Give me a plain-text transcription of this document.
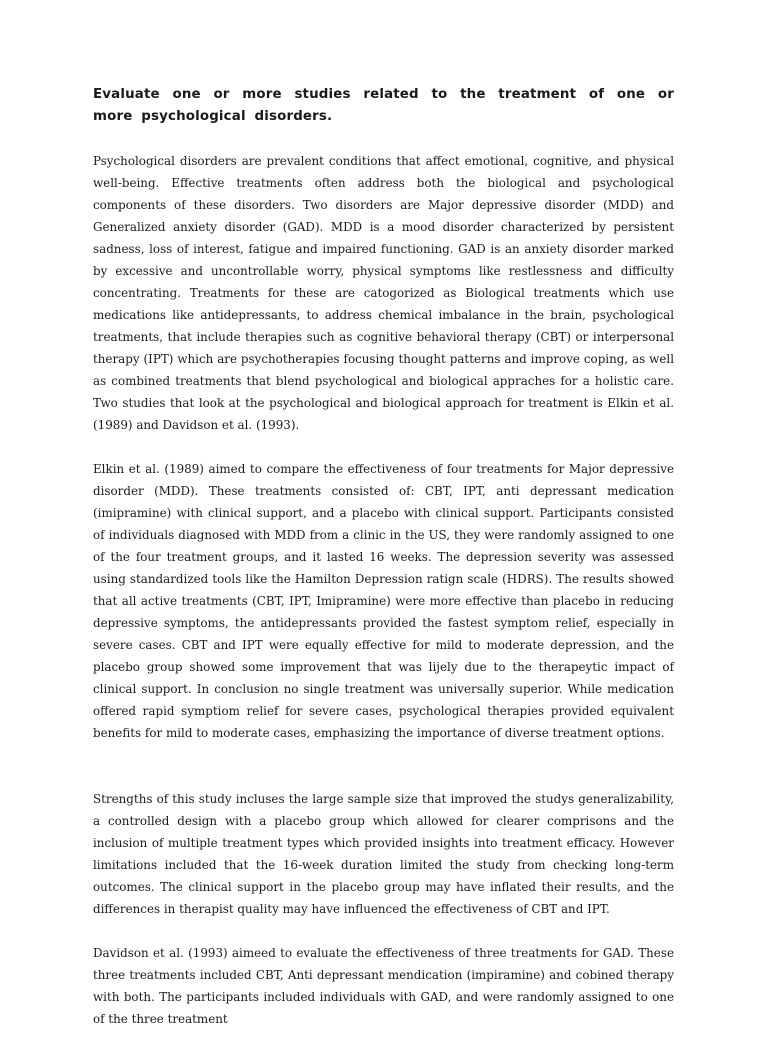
Evaluate one or more studies related to the treatment of one or more psychological disorders.

Psychological disorders are prevalent conditions that affect emotional, cognitive, and physical well-being. Effective treatments often address both the biological and psychological components of these disorders. Two disorders are Major depressive disorder (MDD) and Generalized anxiety disorder (GAD). MDD is a mood disorder characterized by persistent sadness, loss of interest, fatigue and impaired functioning. GAD is an anxiety disorder marked by excessive and uncontrollable worry, physical symptoms like restlessness and difficulty concentrating. Treatments for these are catogorized as Biological treatments which use medications like antidepressants, to address chemical imbalance in the brain, psychological treatments, that include therapies such as cognitive behavioral therapy (CBT) or interpersonal therapy (IPT) which are psychotherapies focusing thought patterns and improve coping, as well as combined treatments that blend psychological and biological appraches for a holistic care. Two studies that look at the psychological and biological approach for treatment is Elkin et al. (1989) and Davidson et al. (1993).

Elkin et al. (1989) aimed to compare the effectiveness of four treatments for Major depressive disorder (MDD). These treatments consisted of: CBT, IPT, anti depressant medication (imipramine) with clinical support, and a placebo with clinical support. Participants consisted of individuals diagnosed with MDD from a clinic in the US, they were randomly assigned to one of the four treatment groups, and it lasted 16 weeks. The depression severity was assessed using standardized tools like the Hamilton Depression ratign scale (HDRS). The results showed that all active treatments (CBT, IPT, Imipramine) were more effective than placebo in reducing depressive symptoms, the antidepressants provided the fastest symptom relief, especially in severe cases. CBT and IPT were equally effective for mild to moderate depression, and the placebo group showed some improvement that was lijely due to the therapeytic impact of clinical support. In conclusion no single treatment was universally superior. While medication offered rapid symptiom relief for severe cases, psychological therapies provided equivalent benefits for mild to moderate cases, emphasizing the importance of diverse treatment options.

Strengths of this study incluses the large sample size that improved the studys generalizability, a controlled design with a placebo group which allowed for clearer comprisons and the inclusion of multiple treatment types which provided insights into treatment efficacy. However limitations included that the 16-week duration limited the study from checking long-term outcomes. The clinical support in the placebo group may have inflated their results, and the differences in therapist quality may have influenced the effectiveness of CBT and IPT.

Davidson et al. (1993) aimeed to evaluate the effectiveness of three treatments for GAD. These three treatments included CBT, Anti depressant mendication (impiramine) and cobined therapy with both. The participants included individuals with GAD, and were randomly assigned to one of the three treatment
